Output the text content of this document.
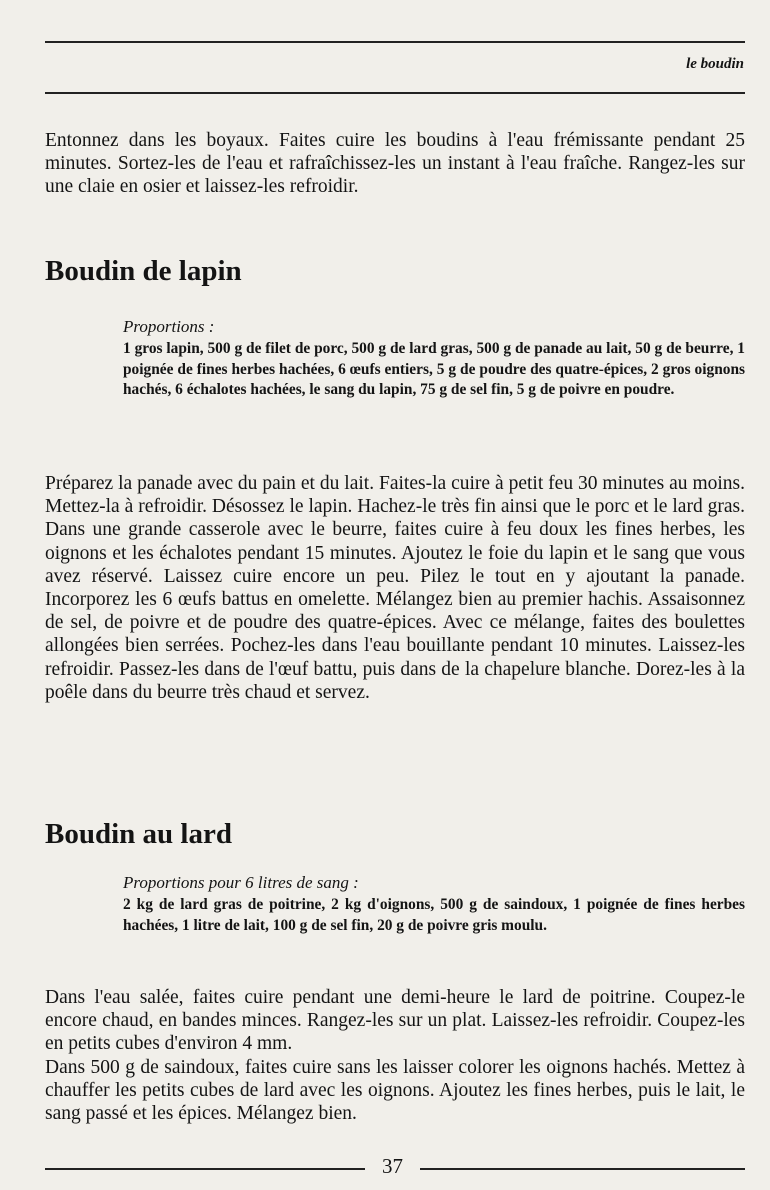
le boudin

Entonnez dans les boyaux. Faites cuire les boudins à l'eau frémissante pendant 25 minutes. Sortez-les de l'eau et rafraîchissez-les un instant à l'eau fraîche. Rangez-les sur une claie en osier et laissez-les refroidir.

Boudin de lapin
Proportions :

1 gros lapin, 500 g de filet de porc, 500 g de lard gras, 500 g de panade au lait, 50 g de beurre, 1 poignée de fines herbes hachées, 6 œufs entiers, 5 g de poudre des quatre-épices, 2 gros oignons hachés, 6 échalotes hachées, le sang du lapin, 75 g de sel fin, 5 g de poivre en poudre.

Préparez la panade avec du pain et du lait. Faites-la cuire à petit feu 30 minutes au moins. Mettez-la à refroidir. Désossez le lapin. Hachez-le très fin ainsi que le porc et le lard gras. Dans une grande casserole avec le beurre, faites cuire à feu doux les fines herbes, les oignons et les échalotes pendant 15 minutes. Ajoutez le foie du lapin et le sang que vous avez réservé. Laissez cuire encore un peu. Pilez le tout en y ajoutant la panade. Incorporez les 6 œufs battus en omelette. Mélangez bien au premier hachis. Assaisonnez de sel, de poivre et de poudre des quatre-épices. Avec ce mélange, faites des boulettes allongées bien serrées. Pochez-les dans l'eau bouillante pendant 10 minutes. Laissez-les refroidir. Passez-les dans de l'œuf battu, puis dans de la chapelure blanche. Dorez-les à la poêle dans du beurre très chaud et servez.

Boudin au lard
Proportions pour 6 litres de sang :

2 kg de lard gras de poitrine, 2 kg d'oignons, 500 g de saindoux, 1 poignée de fines herbes hachées, 1 litre de lait, 100 g de sel fin, 20 g de poivre gris moulu.

Dans l'eau salée, faites cuire pendant une demi-heure le lard de poitrine. Coupez-le encore chaud, en bandes minces. Rangez-les sur un plat. Laissez-les refroidir. Coupez-les en petits cubes d'environ 4 mm.

Dans 500 g de saindoux, faites cuire sans les laisser colorer les oignons hachés. Mettez à chauffer les petits cubes de lard avec les oignons. Ajoutez les fines herbes, puis le lait, le sang passé et les épices. Mélangez bien.

37
